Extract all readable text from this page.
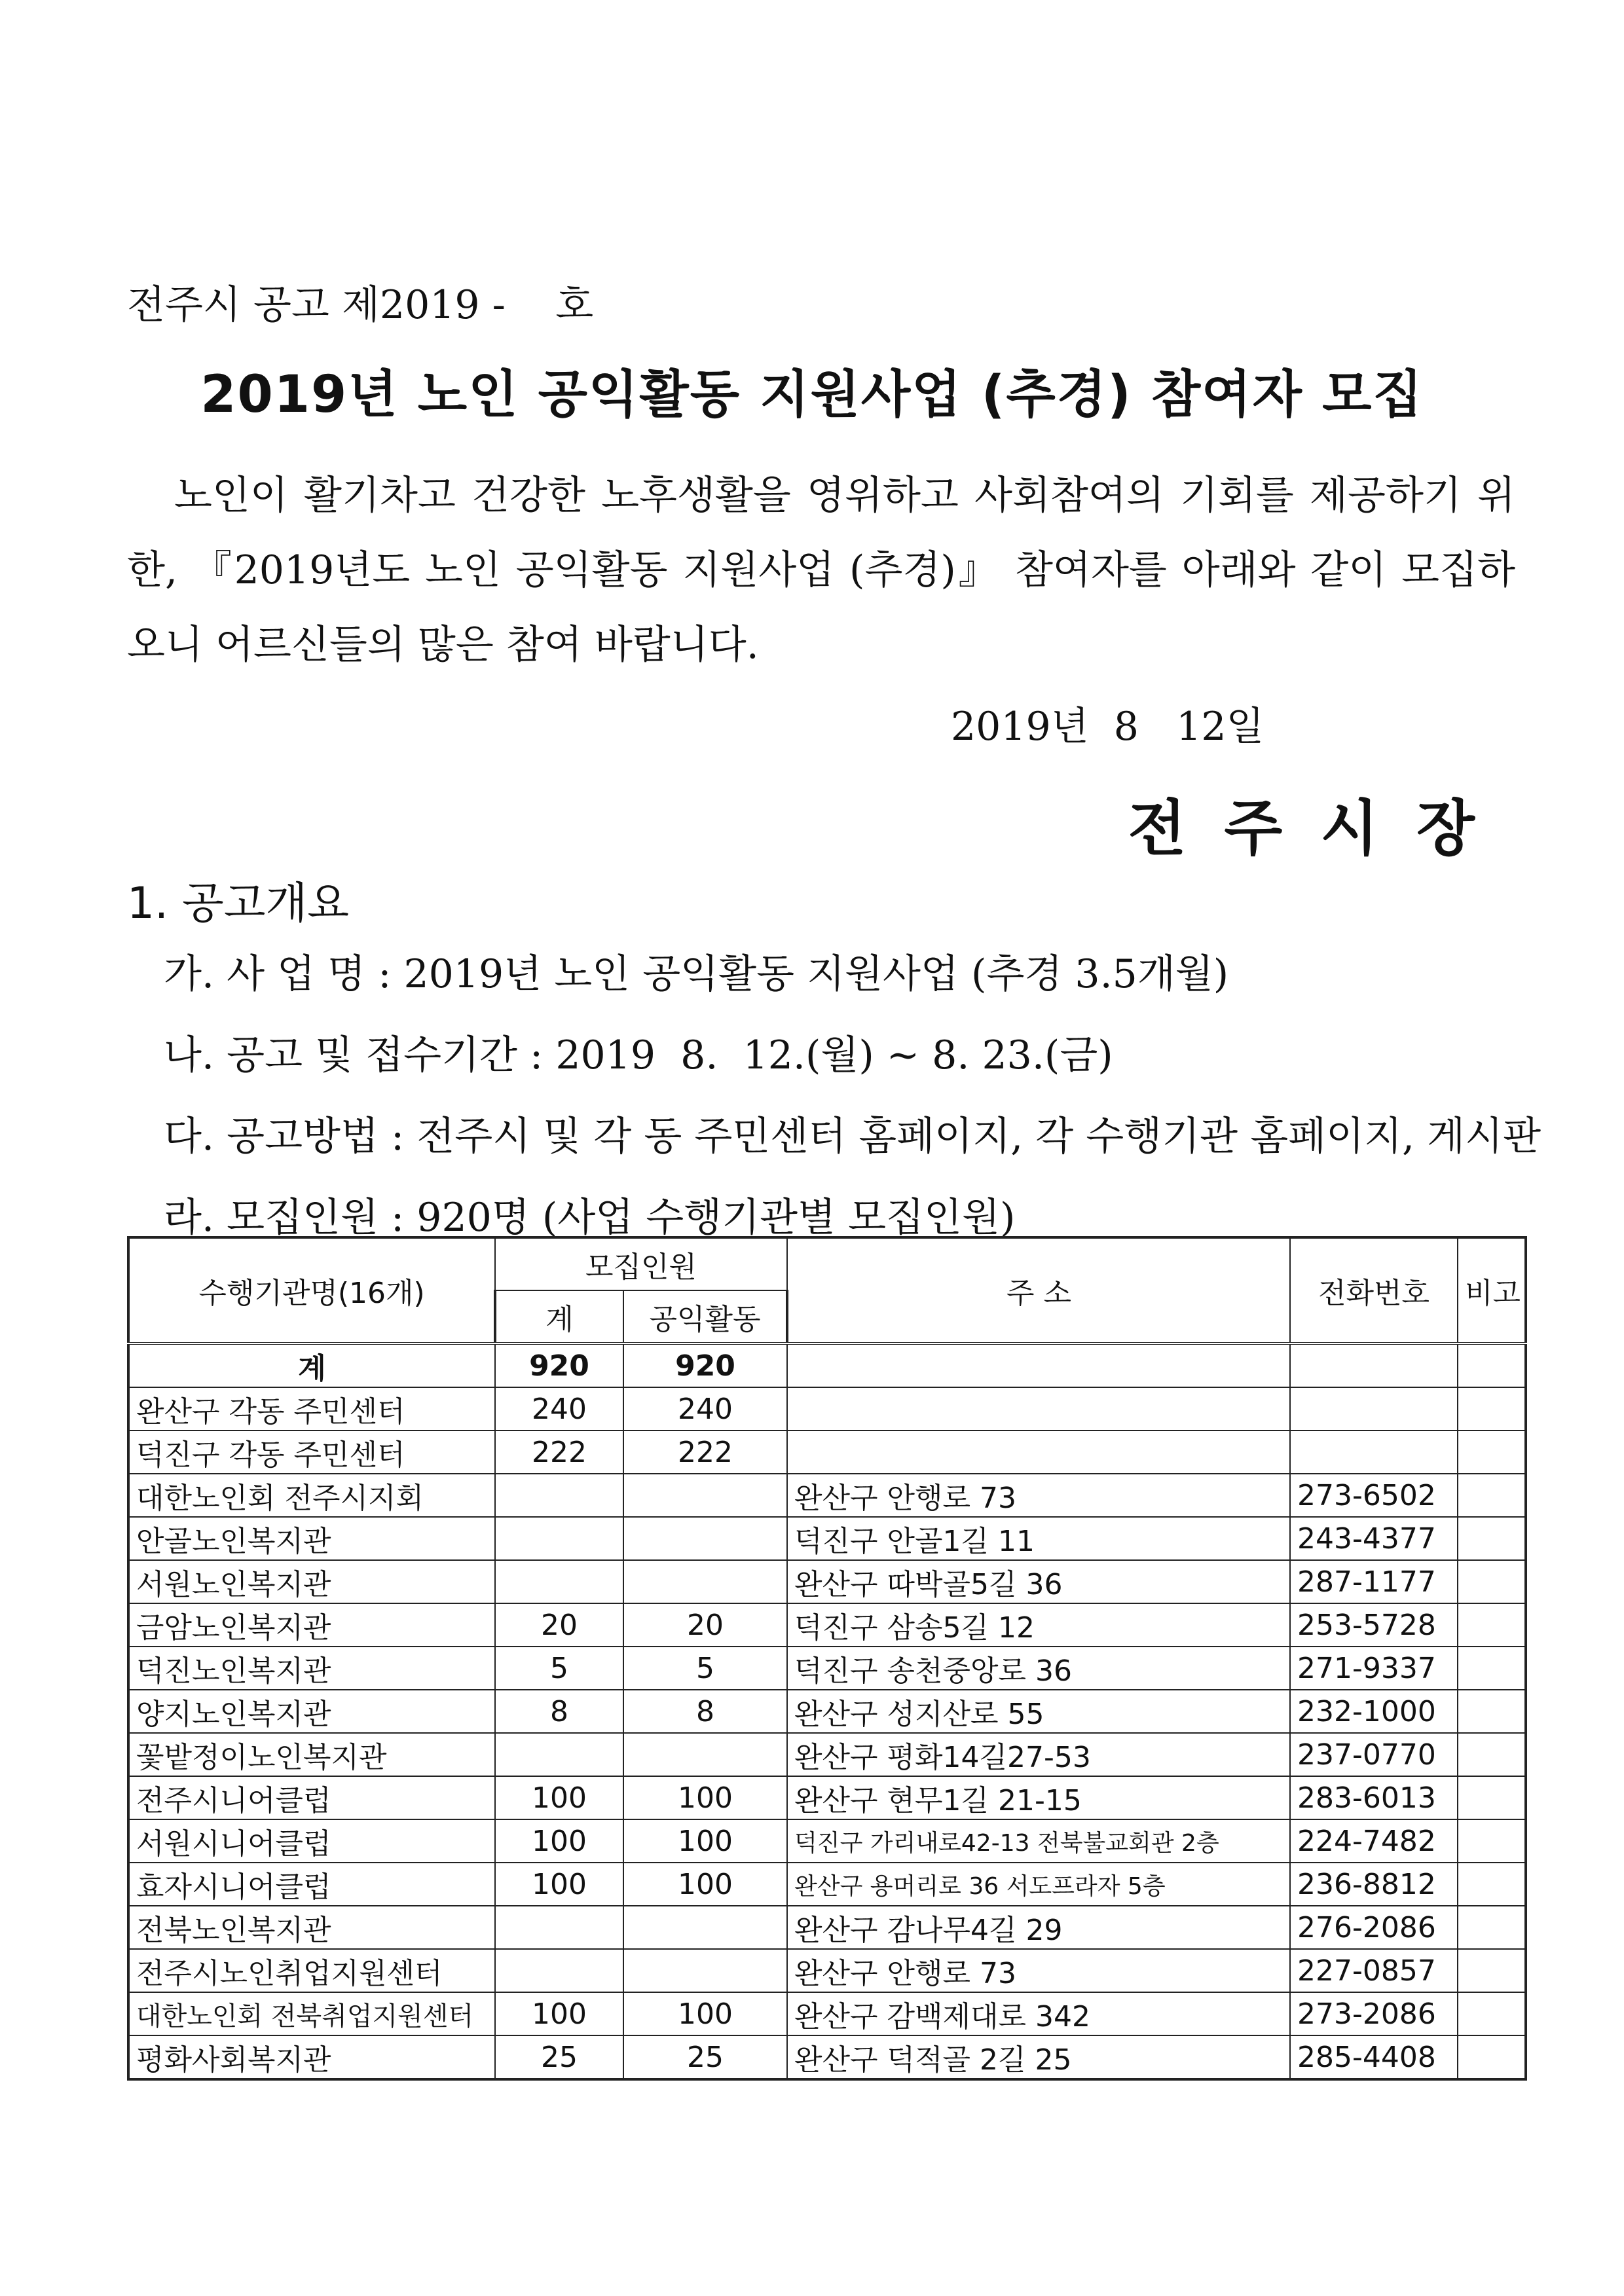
전주시 공고 제2019 -    호
2019년 노인 공익활동 지원사업 (추경) 참여자 모집
노인이 활기차고 건강한 노후생활을 영위하고 사회참여의 기회를 제공하기 위한, 『2019년도 노인 공익활동 지원사업 (추경)』 참여자를 아래와 같이 모집하오니 어르신들의 많은 참여 바랍니다.
2019년  8   12일
전주시장
1. 공고개요
가. 사 업 명 : 2019년 노인 공익활동 지원사업 (추경 3.5개월)
나. 공고 및 접수기간 : 2019  8.  12.(월) ~ 8. 23.(금)
다. 공고방법 : 전주시 및 각 동 주민센터 홈페이지, 각 수행기관 홈페이지, 게시판
라. 모집인원 : 920명 (사업 수행기관별 모집인원)
수행기관명(16개)	모집인원		주 소	전화번호	비고
	계	공익활동			
계	920	920			
완산구 각동 주민센터	240	240			
덕진구 각동 주민센터	222	222			
대한노인회 전주시지회			완산구 안행로 73	273-6502	
안골노인복지관			덕진구 안골1길 11	243-4377	
서원노인복지관			완산구 따박골5길 36	287-1177	
금암노인복지관	20	20	덕진구 삼송5길 12	253-5728	
덕진노인복지관	5	5	덕진구 송천중앙로 36	271-9337	
양지노인복지관	8	8	완산구 성지산로 55	232-1000	
꽃밭정이노인복지관			완산구 평화14길27-53	237-0770	
전주시니어클럽	100	100	완산구 현무1길 21-15	283-6013	
서원시니어클럽	100	100	덕진구 가리내로42-13 전북불교회관 2층	224-7482	
효자시니어클럽	100	100	완산구 용머리로 36 서도프라자 5층	236-8812	
전북노인복지관			완산구 감나무4길 29	276-2086	
전주시노인취업지원센터			완산구 안행로 73	227-0857	
대한노인회 전북취업지원센터	100	100	완산구 감백제대로 342	273-2086	
평화사회복지관	25	25	완산구 덕적골 2길 25	285-4408	
